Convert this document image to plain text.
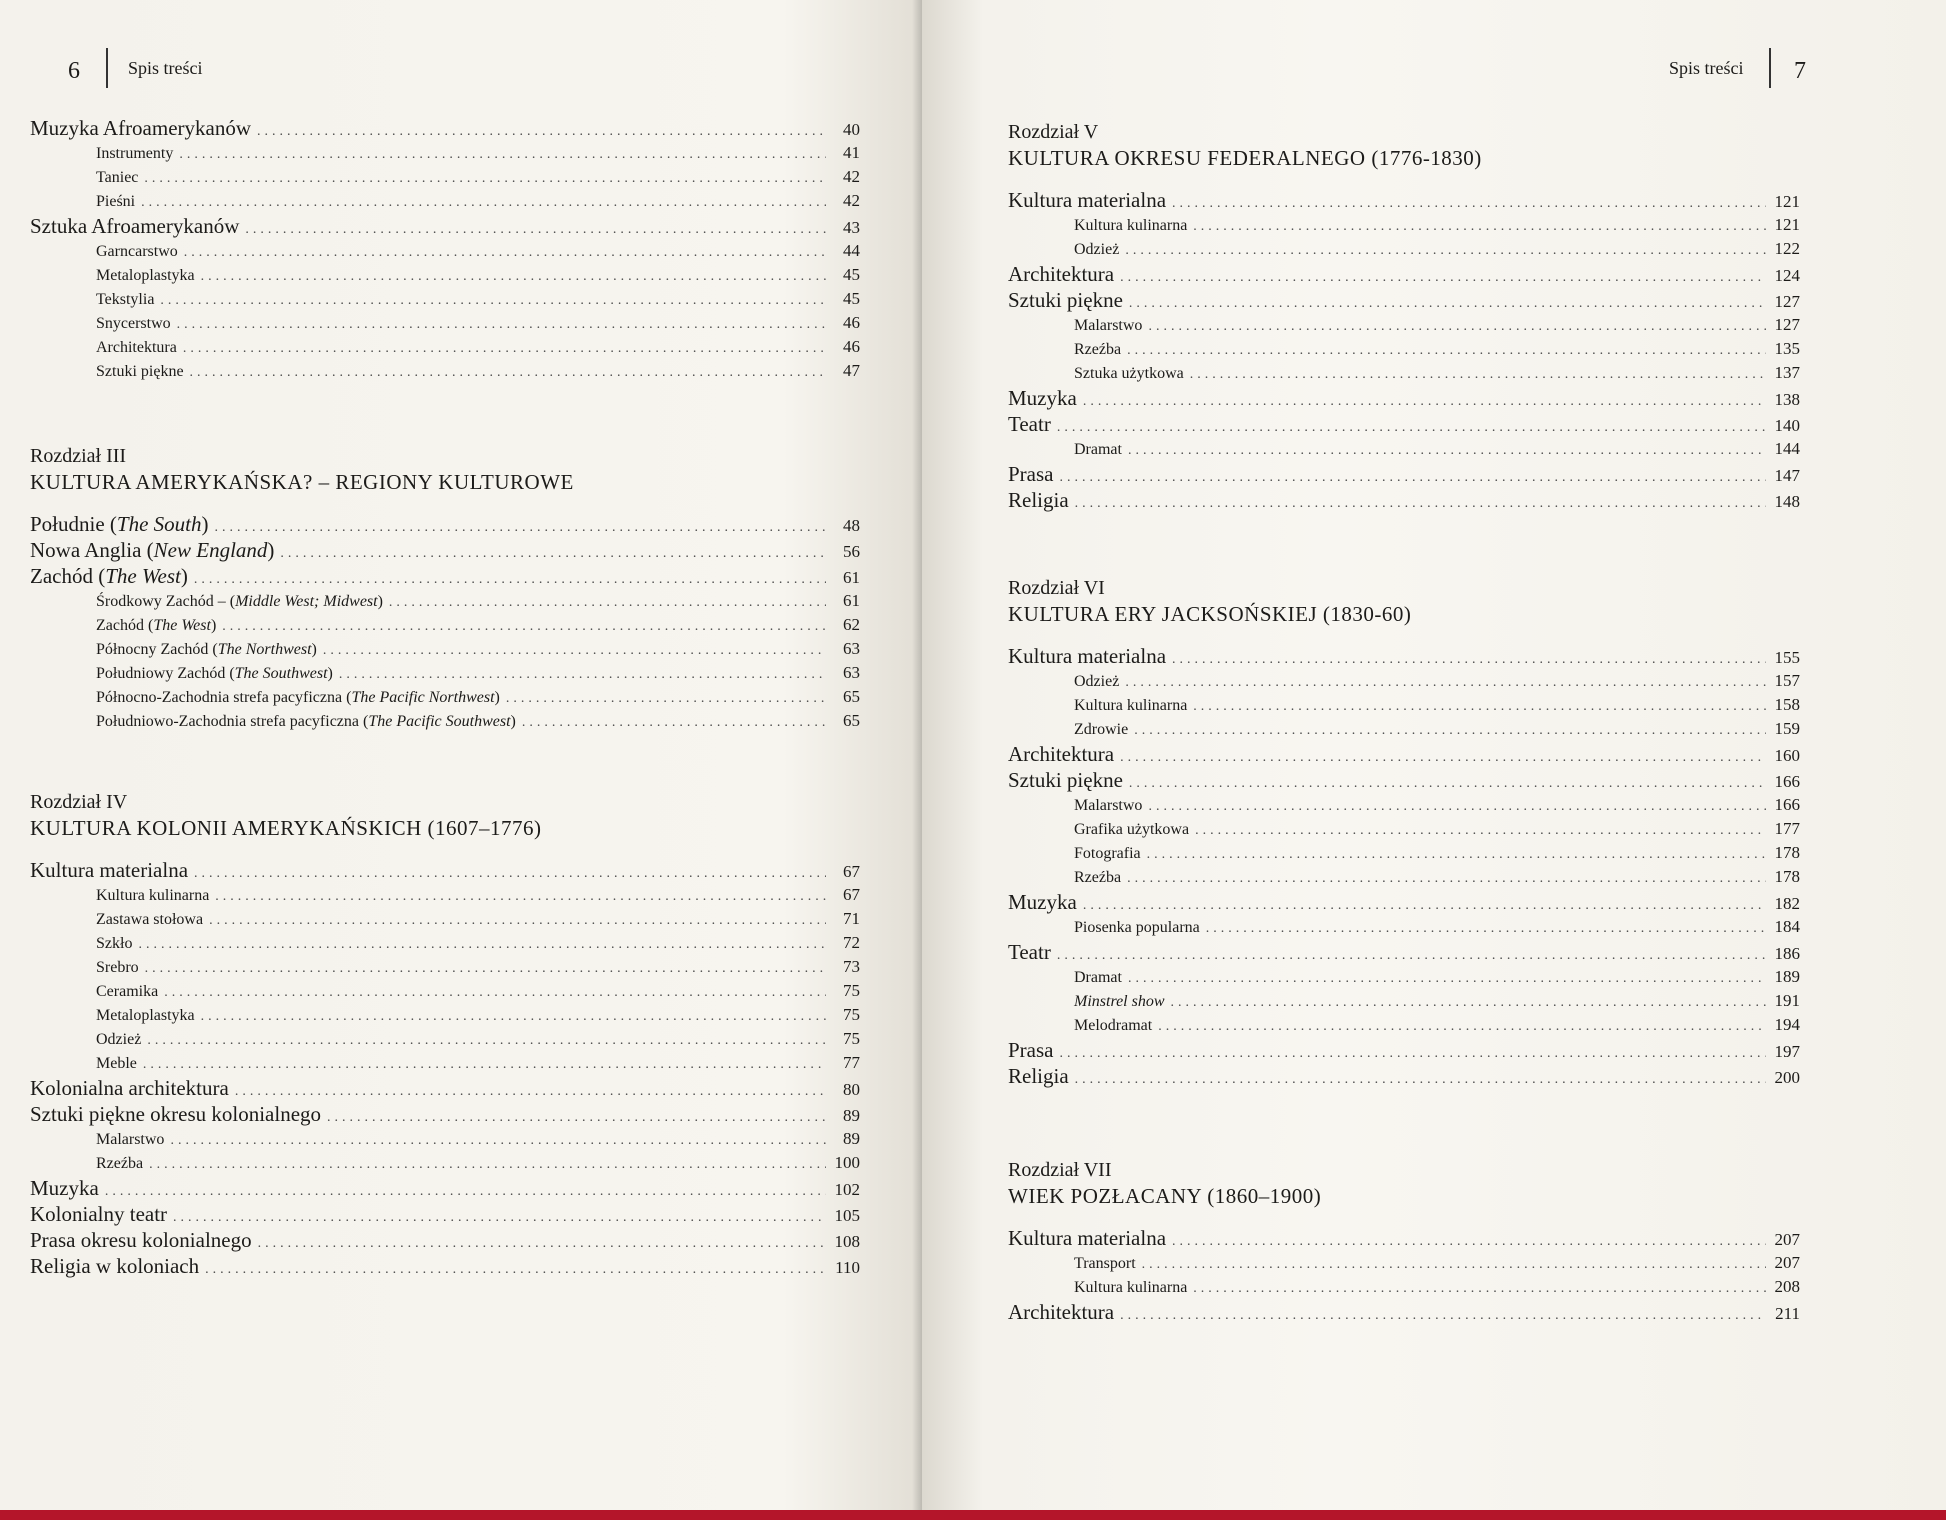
6	Spis treści
Muzyka Afroamerykanów .....	40
Instrumenty .....	41
Taniec .....	42
Pieśni .....	42
Sztuka Afroamerykanów .....	43
Garncarstwo .....	44
Metaloplastyka .....	45
Tekstylia .....	45
Snycerstwo .....	46
Architektura .....	46
Sztuki piękne .....	47
Rozdział III
KULTURA AMERYKAŃSKA? – REGIONY KULTUROWE
Południe (The South) .....	48
Nowa Anglia (New England) .....	56
Zachód (The West) .....	61
Środkowy Zachód – (Middle West; Midwest) .....	61
Zachód (The West) .....	62
Północny Zachód (The Northwest) .....	63
Południowy Zachód (The Southwest) .....	63
Północno-Zachodnia strefa pacyficzna (The Pacific Northwest) .....	65
Południowo-Zachodnia strefa pacyficzna (The Pacific Southwest) .....	65
Rozdział IV
KULTURA KOLONII AMERYKAŃSKICH (1607–1776)
Kultura materialna .....	67
Kultura kulinarna .....	67
Zastawa stołowa .....	71
Szkło .....	72
Srebro .....	73
Ceramika .....	75
Metaloplastyka .....	75
Odzież .....	75
Meble .....	77
Kolonialna architektura .....	80
Sztuki piękne okresu kolonialnego .....	89
Malarstwo .....	89
Rzeźba .....	100
Muzyka .....	102
Kolonialny teatr .....	105
Prasa okresu kolonialnego .....	108
Religia w koloniach .....	110
Spis treści 7
Rozdział V
KULTURA OKRESU FEDERALNEGO (1776-1830)
Kultura materialna .....	121
Kultura kulinarna .....	121
Odzież .....	122
Architektura .....	124
Sztuki piękne .....	127
Malarstwo .....	127
Rzeźba .....	135
Sztuka użytkowa .....	137
Muzyka .....	138
Teatr .....	140
Dramat .....	144
Prasa .....	147
Religia .....	148
Rozdział VI
KULTURA ERY JACKSOŃSKIEJ (1830-60)
Kultura materialna .....	155
Odzież .....	157
Kultura kulinarna .....	158
Zdrowie .....	159
Architektura .....	160
Sztuki piękne .....	166
Malarstwo .....	166
Grafika użytkowa .....	177
Fotografia .....	178
Rzeźba .....	178
Muzyka .....	182
Piosenka popularna .....	184
Teatr .....	186
Dramat .....	189
Minstrel show .....	191
Melodramat .....	194
Prasa .....	197
Religia .....	200
Rozdział VII
WIEK POZŁACANY (1860–1900)
Kultura materialna .....	207
Transport .....	207
Kultura kulinarna .....	208
Architektura .....	211
